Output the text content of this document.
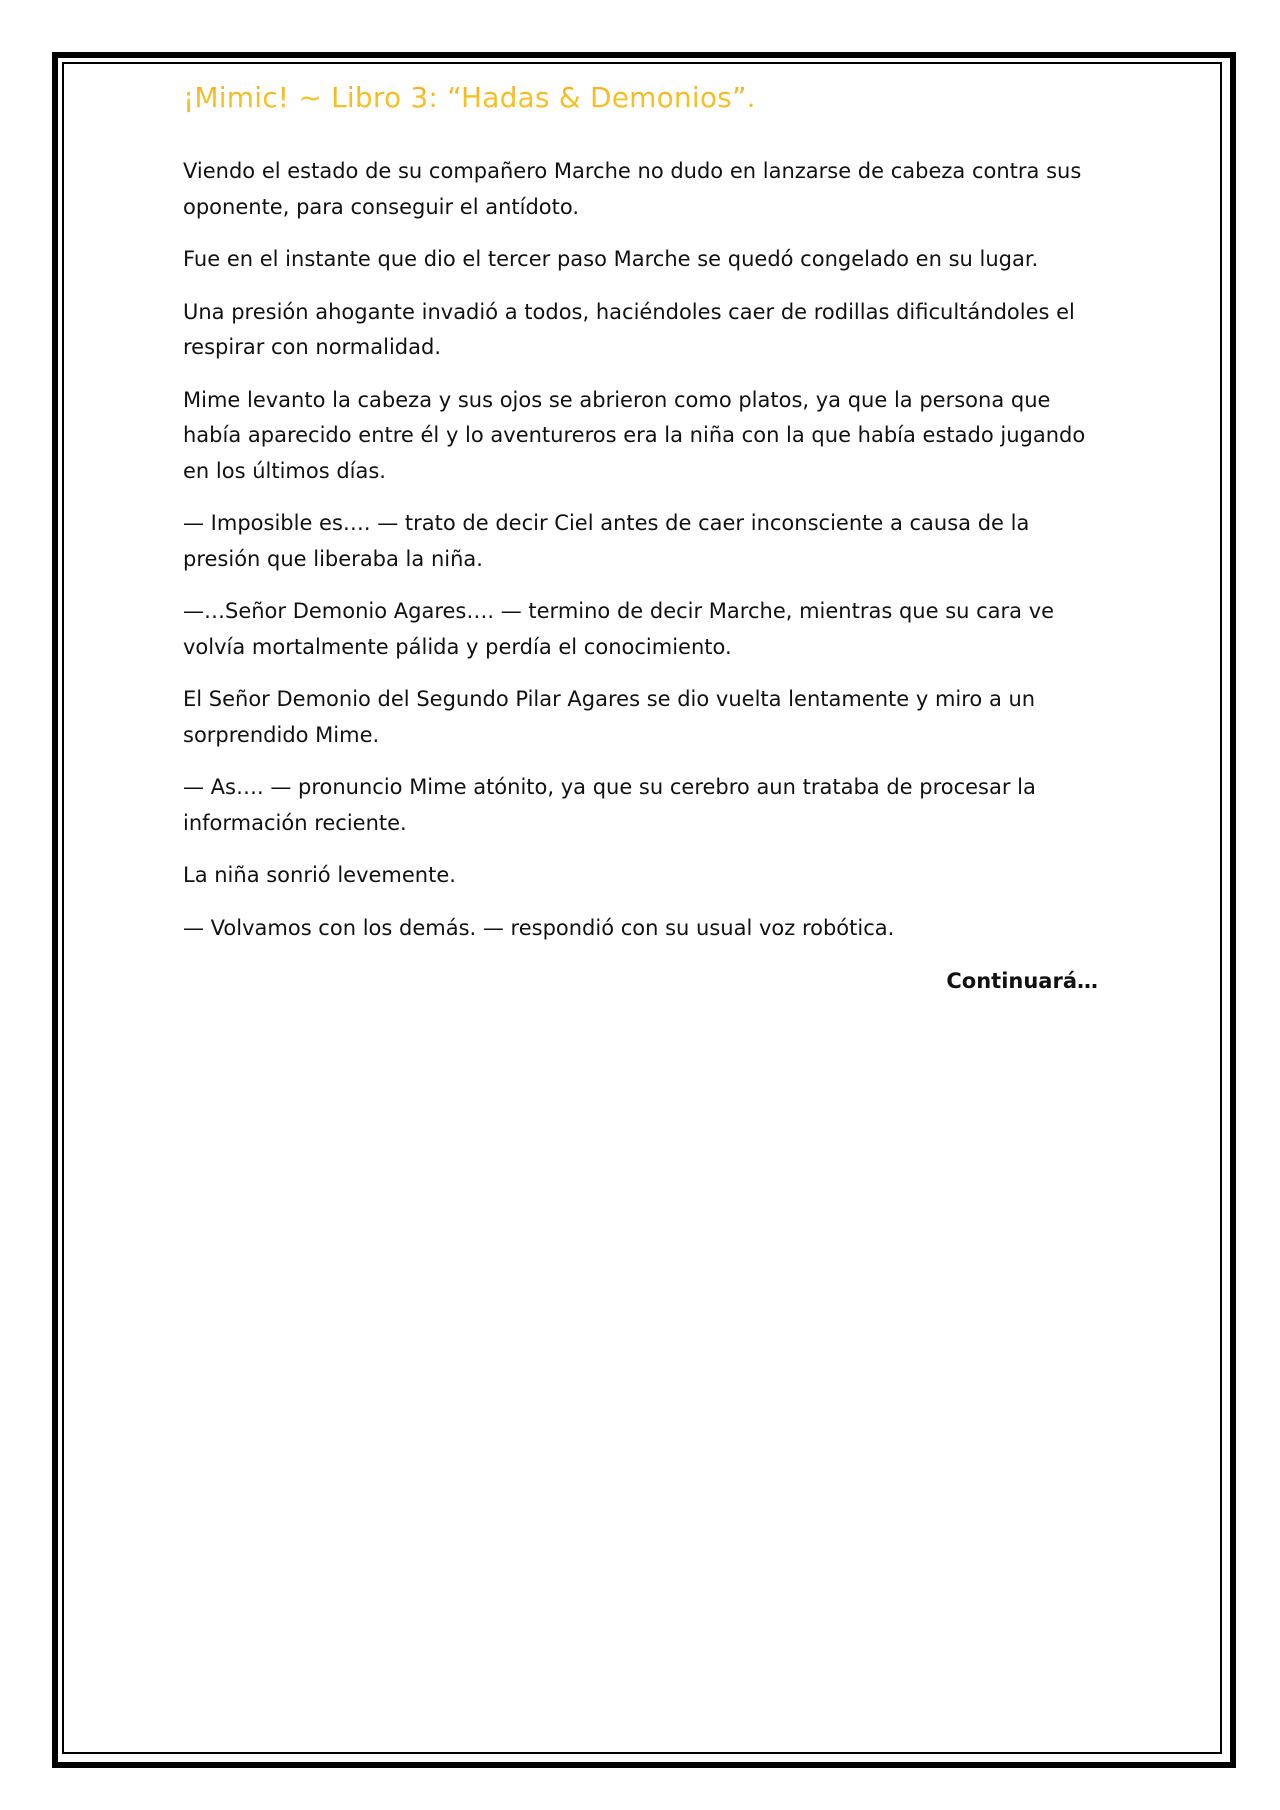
¡Mimic! ~ Libro 3: “Hadas & Demonios”.

Viendo el estado de su compañero Marche no dudo en lanzarse de cabeza contra sus oponente, para conseguir el antídoto.

Fue en el instante que dio el tercer paso Marche se quedó congelado en su lugar.

Una presión ahogante invadió a todos, haciéndoles caer de rodillas dificultándoles el respirar con normalidad.

Mime levanto la cabeza y sus ojos se abrieron como platos, ya que la persona que había aparecido entre él y lo aventureros era la niña con la que había estado jugando en los últimos días.

— Imposible es…. — trato de decir Ciel antes de caer inconsciente a causa de la presión que liberaba la niña.

—…Señor Demonio Agares…. — termino de decir Marche, mientras que su cara ve volvía mortalmente pálida y perdía el conocimiento.

El Señor Demonio del Segundo Pilar Agares se dio vuelta lentamente y miro a un sorprendido Mime.

— As…. — pronuncio Mime atónito, ya que su cerebro aun trataba de procesar la información reciente.

La niña sonrió levemente.

— Volvamos con los demás. — respondió con su usual voz robótica.

Continuará…
